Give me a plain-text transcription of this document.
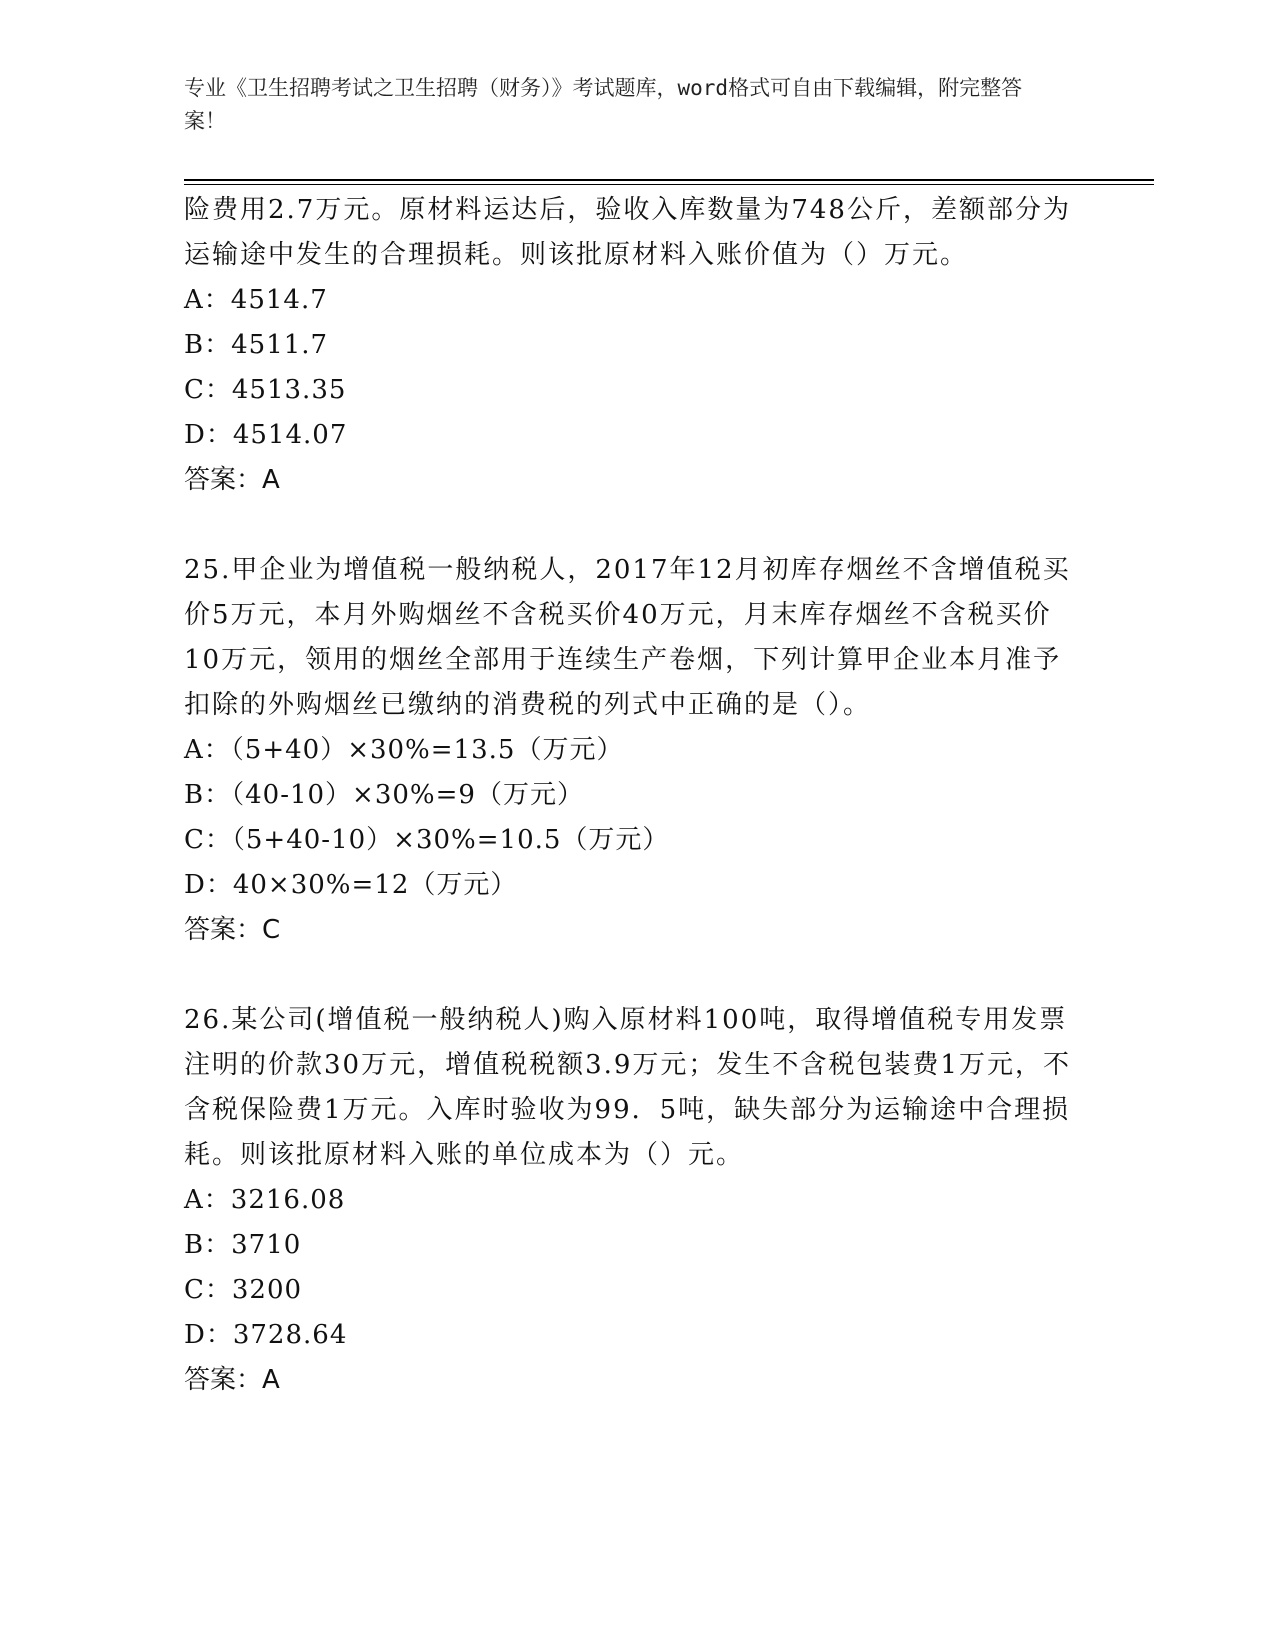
专业《卫生招聘考试之卫生招聘（财务）》考试题库，word格式可自由下载编辑，附完整答案！

险费用2.7万元。原材料运达后，验收入库数量为748公斤，差额部分为运输途中发生的合理损耗。则该批原材料入账价值为（）万元。

A：4514.7

B：4511.7

C：4513.35

D：4514.07

答案：A

25.甲企业为增值税一般纳税人，2017年12月初库存烟丝不含增值税买价5万元，本月外购烟丝不含税买价40万元，月末库存烟丝不含税买价10万元，领用的烟丝全部用于连续生产卷烟，下列计算甲企业本月准予扣除的外购烟丝已缴纳的消费税的列式中正确的是（）。

A：（5+40）×30%=13.5（万元）

B：（40-10）×30%=9（万元）

C：（5+40-10）×30%=10.5（万元）

D：40×30%=12（万元）

答案：C

26.某公司(增值税一般纳税人)购入原材料100吨，取得增值税专用发票注明的价款30万元，增值税税额3.9万元；发生不含税包装费1万元，不含税保险费1万元。入库时验收为99．5吨，缺失部分为运输途中合理损耗。则该批原材料入账的单位成本为（）元。

A：3216.08

B：3710

C：3200

D：3728.64

答案：A
